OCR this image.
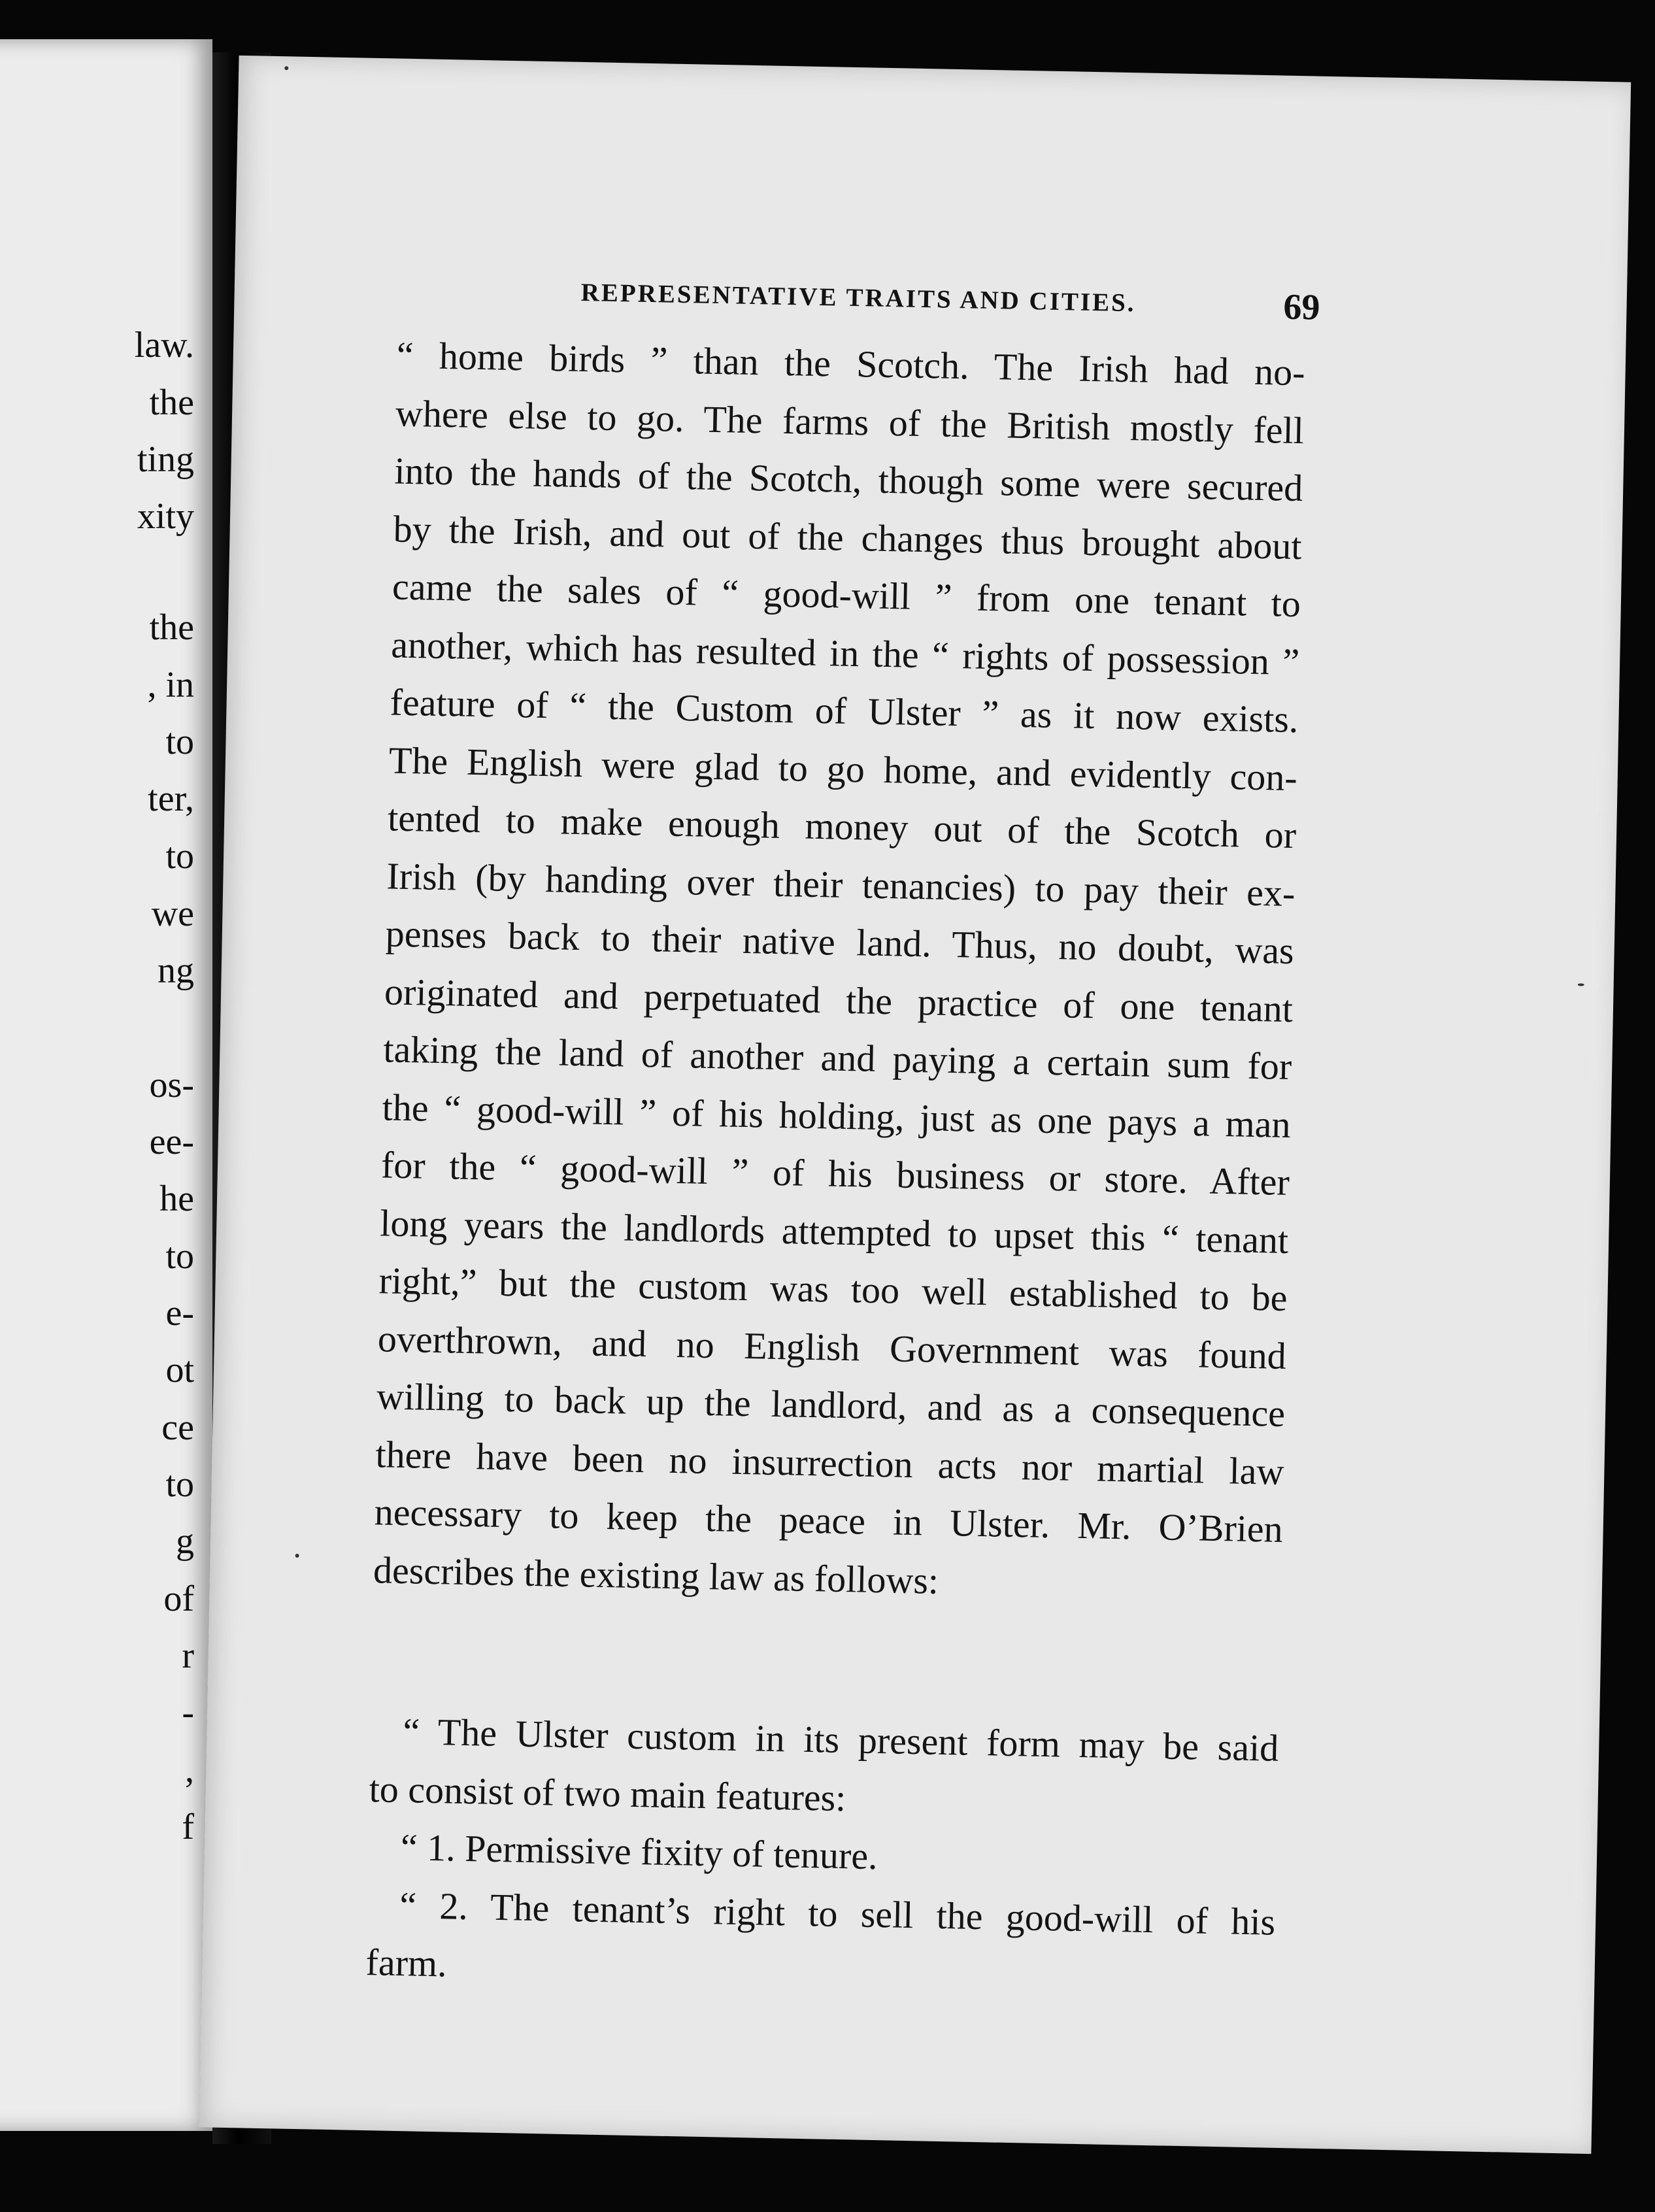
law.
the
ting
xity
the
, in
to
ter,
to
we
ng
os-
ee-
he
to
e-
ot
ce
to
g
of
r
-
,
f
REPRESENTATIVE TRAITS AND CITIES.	69
“ home birds ” than the Scotch. The Irish had no-
where else to go. The farms of the British mostly fell
into the hands of the Scotch, though some were secured
by the Irish, and out of the changes thus brought about
came the sales of “ good-will ” from one tenant to
another, which has resulted in the “ rights of possession ”
feature of “ the Custom of Ulster ” as it now exists.
The English were glad to go home, and evidently con-
tented to make enough money out of the Scotch or
Irish (by handing over their tenancies) to pay their ex-
penses back to their native land. Thus, no doubt, was
originated and perpetuated the practice of one tenant
taking the land of another and paying a certain sum for
the “ good-will ” of his holding, just as one pays a man
for the “ good-will ” of his business or store. After
long years the landlords attempted to upset this “ tenant
right,” but the custom was too well established to be
overthrown, and no English Government was found
willing to back up the landlord, and as a consequence
there have been no insurrection acts nor martial law
necessary to keep the peace in Ulster. Mr. O’Brien
describes the existing law as follows:
“ The Ulster custom in its present form may be said
to consist of two main features:
“ 1. Permissive fixity of tenure.
“ 2. The tenant’s right to sell the good-will of his
farm.
